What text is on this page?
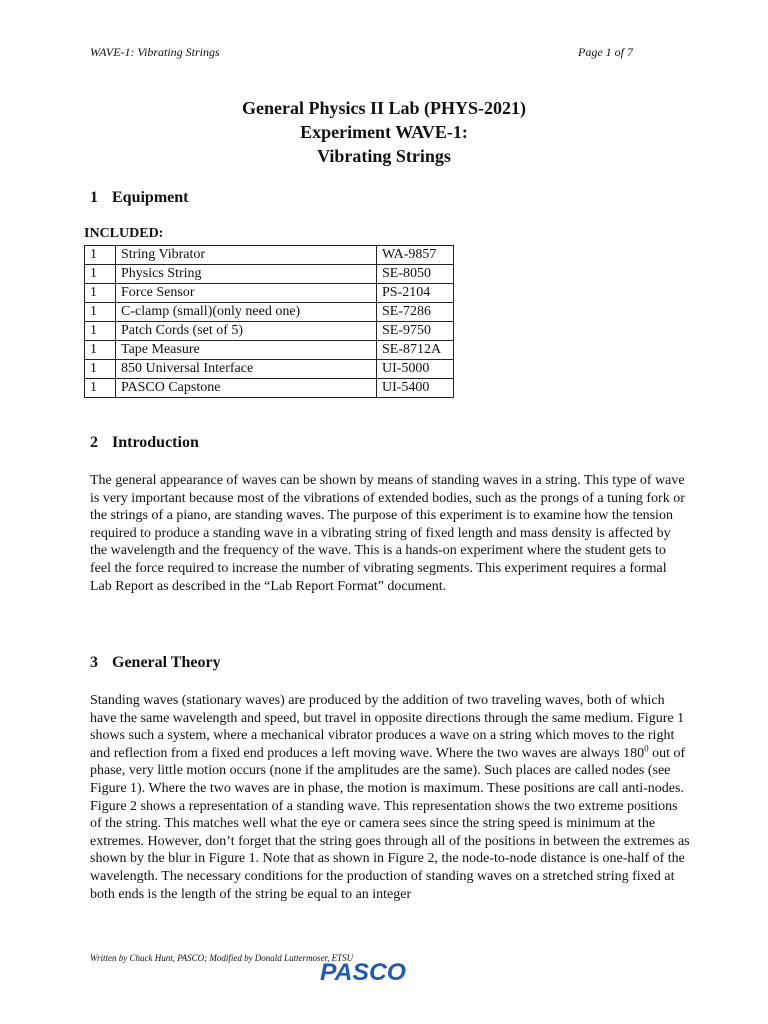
WAVE-1: Vibrating Strings	Page 1 of 7
General Physics II Lab (PHYS-2021)
Experiment WAVE-1:
Vibrating Strings
1 Equipment
INCLUDED:
1	String Vibrator	WA-9857
1	Physics String	SE-8050
1	Force Sensor	PS-2104
1	C-clamp (small)(only need one)	SE-7286
1	Patch Cords (set of 5)	SE-9750
1	Tape Measure	SE-8712A
1	850 Universal Interface	UI-5000
1	PASCO Capstone	UI-5400
2 Introduction

The general appearance of waves can be shown by means of standing waves in a string. This type of wave is very important because most of the vibrations of extended bodies, such as the prongs of a tuning fork or the strings of a piano, are standing waves. The purpose of this experiment is to examine how the tension required to produce a standing wave in a vibrating string of fixed length and mass density is affected by the wavelength and the frequency of the wave. This is a hands-on experiment where the student gets to feel the force required to increase the number of vibrating segments. This experiment requires a formal Lab Report as described in the “Lab Report Format” document.

3 General Theory

Standing waves (stationary waves) are produced by the addition of two traveling waves, both of which have the same wavelength and speed, but travel in opposite directions through the same medium. Figure 1 shows such a system, where a mechanical vibrator produces a wave on a string which moves to the right and reflection from a fixed end produces a left moving wave. Where the two waves are always $180^0$ out of phase, very little motion occurs (none if the amplitudes are the same). Such places are called nodes (see Figure 1). Where the two waves are in phase, the motion is maximum. These positions are call anti-nodes. Figure 2 shows a representation of a standing wave. This representation shows the two extreme positions of the string. This matches well what the eye or camera sees since the string speed is minimum at the extremes. However, don’t forget that the string goes through all of the positions in between the extremes as shown by the blur in Figure 1. Note that as shown in Figure 2, the node-to-node distance is one-half of the wavelength. The necessary conditions for the production of standing waves on a stretched string fixed at both ends is the length of the string be equal to an integer

Written by Chuck Hunt, PASCO; Modified by Donald Luttermoser, ETSU
PASCO
